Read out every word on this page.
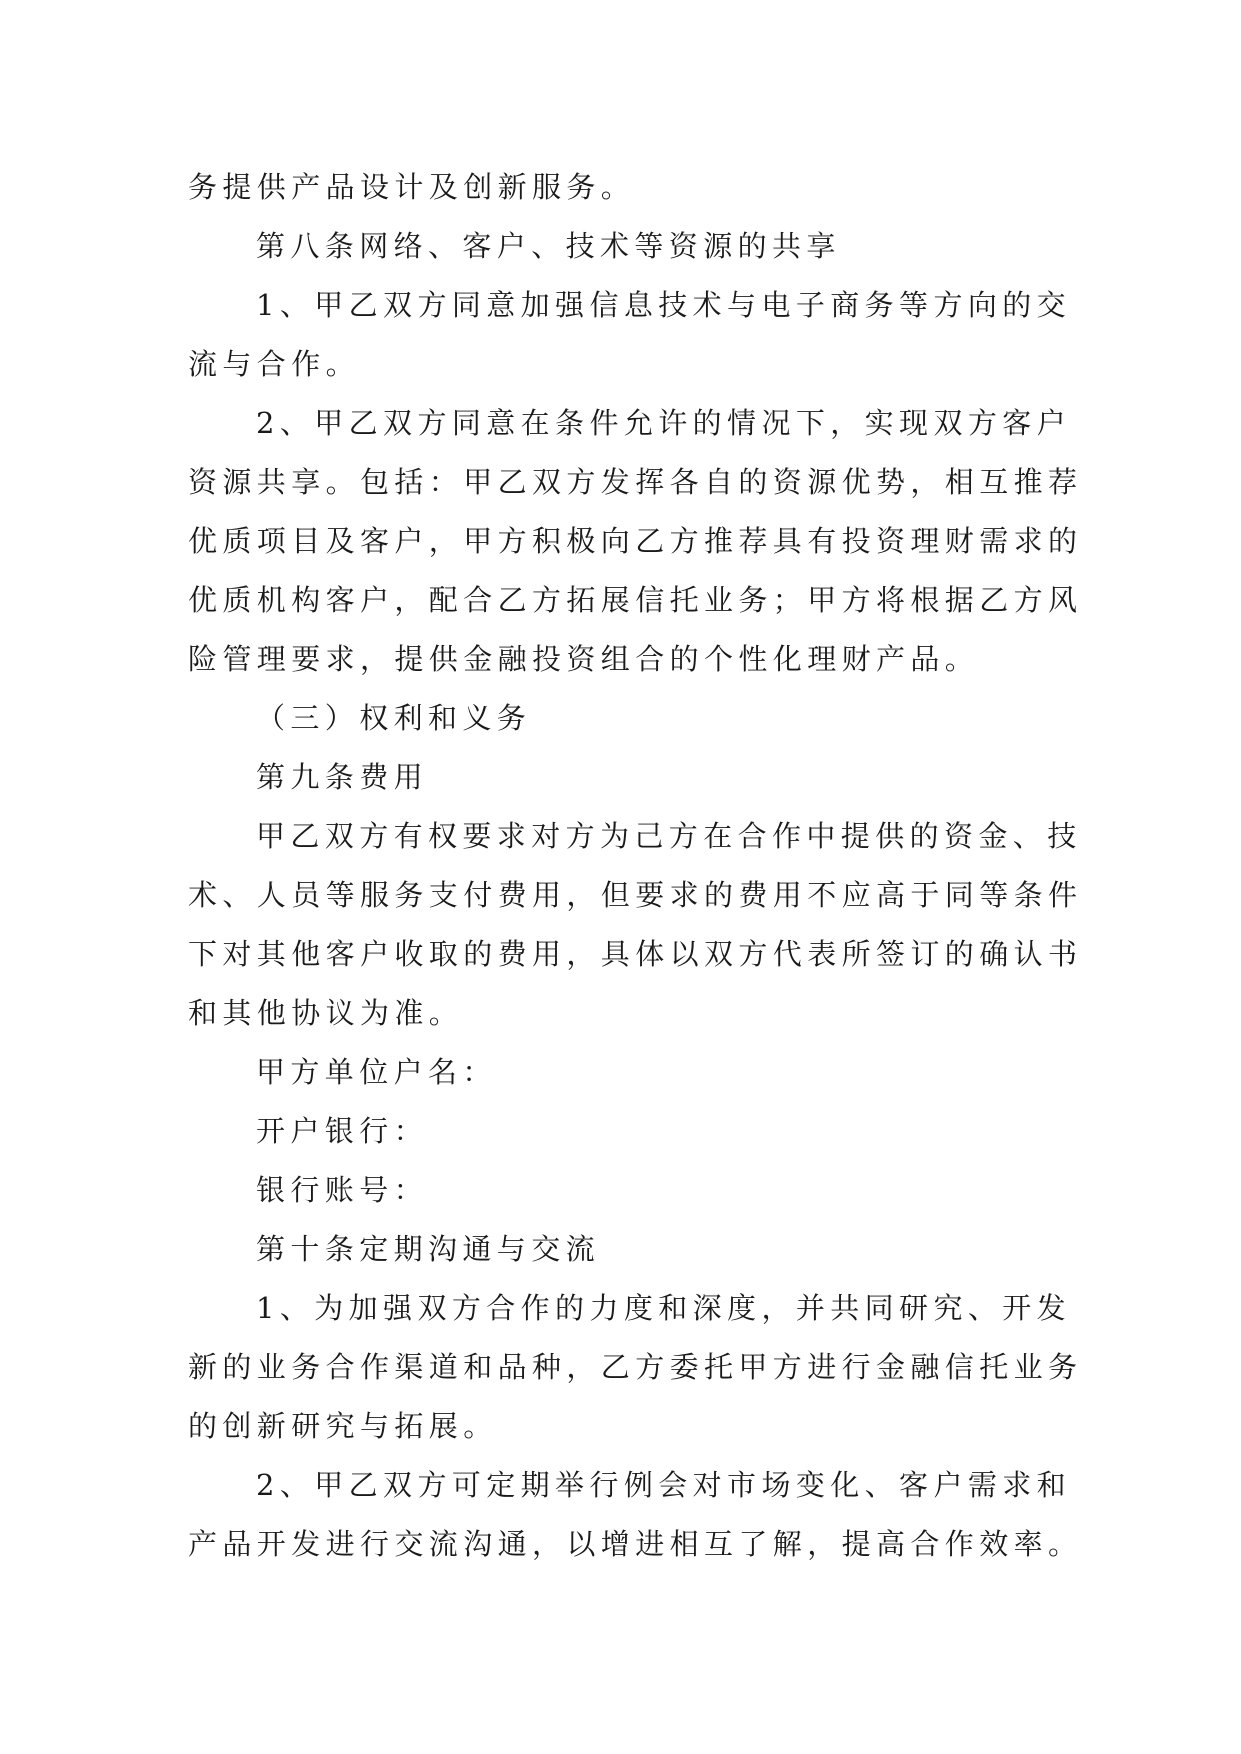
务提供产品设计及创新服务。
第八条网络、客户、技术等资源的共享
1、甲乙双方同意加强信息技术与电子商务等方向的交
流与合作。
2、甲乙双方同意在条件允许的情况下，实现双方客户
资源共享。包括：甲乙双方发挥各自的资源优势，相互推荐
优质项目及客户，甲方积极向乙方推荐具有投资理财需求的
优质机构客户，配合乙方拓展信托业务；甲方将根据乙方风
险管理要求，提供金融投资组合的个性化理财产品。
（三）权利和义务
第九条费用
甲乙双方有权要求对方为己方在合作中提供的资金、技
术、人员等服务支付费用，但要求的费用不应高于同等条件
下对其他客户收取的费用，具体以双方代表所签订的确认书
和其他协议为准。
甲方单位户名：
开户银行：
银行账号：
第十条定期沟通与交流
1、为加强双方合作的力度和深度，并共同研究、开发
新的业务合作渠道和品种，乙方委托甲方进行金融信托业务
的创新研究与拓展。
2、甲乙双方可定期举行例会对市场变化、客户需求和
产品开发进行交流沟通，以增进相互了解，提高合作效率。
